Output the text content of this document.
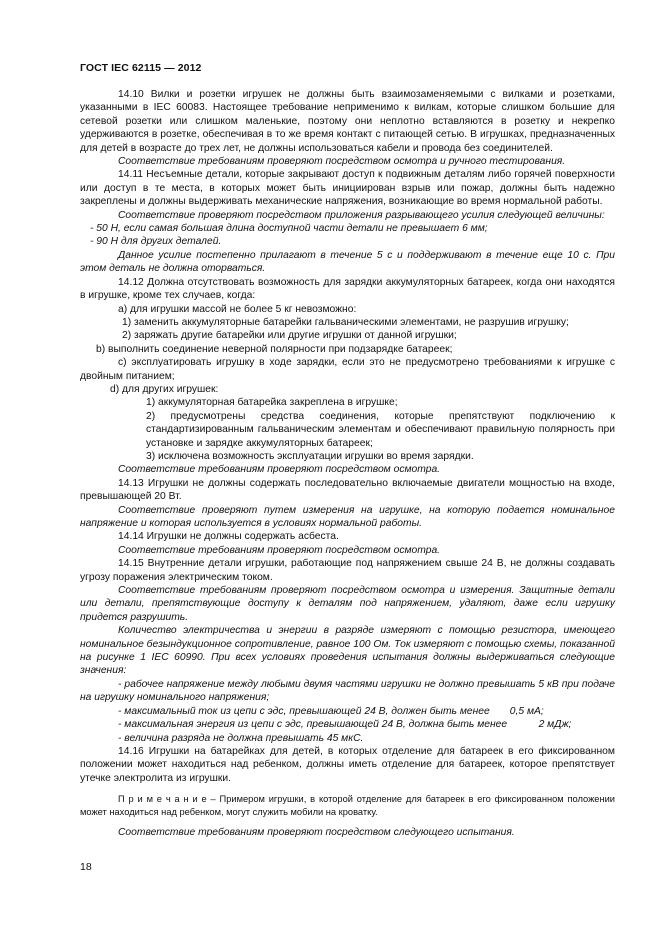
ГОСТ IEC 62115 — 2012

14.10 Вилки и розетки игрушек не должны быть взаимозаменяемыми с вилками и розетками, указанными в IEC 60083. Настоящее требование неприменимо к вилкам, которые слишком большие для сетевой розетки или слишком маленькие, поэтому они неплотно вставляются в розетку и некрепко удерживаются в розетке, обеспечивая в то же время контакт с питающей сетью. В игрушках, предназначенных для детей в возрасте до трех лет, не должны использоваться кабели и провода без соединителей.

Соответствие требованиям проверяют посредством осмотра и ручного тестирования.

14.11 Несъемные детали, которые закрывают доступ к подвижным деталям либо горячей поверхности или доступ в те места, в которых может быть инициирован взрыв или пожар, должны быть надежно закреплены и должны выдерживать механические напряжения, возникающие во время нормальной работы.

Соответствие проверяют посредством приложения разрывающего усилия следующей величины:

- 50 Н, если самая большая длина доступной части детали не превышает 6 мм;

- 90 Н для других деталей.

Данное усилие постепенно прилагают в течение 5 с и поддерживают в течение еще 10 с. При этом деталь не должна оторваться.

14.12 Должна отсутствовать возможность для зарядки аккумуляторных батареек, когда они находятся в игрушке, кроме тех случаев, когда:

a) для игрушки массой не более 5 кг невозможно:

1) заменить аккумуляторные батарейки гальваническими элементами, не разрушив игрушку;

2) заряжать другие батарейки или другие игрушки от данной игрушки;

b) выполнить соединение неверной полярности при подзарядке батареек;

c) эксплуатировать игрушку в ходе зарядки, если это не предусмотрено требованиями к игрушке с двойным питанием;

d) для других игрушек:

1) аккумуляторная батарейка закреплена в игрушке;

2) предусмотрены средства соединения, которые препятствуют подключению к стандартизированным гальваническим элементам и обеспечивают правильную полярность при установке и зарядке аккумуляторных батареек;

3) исключена возможность эксплуатации игрушки во время зарядки.

Соответствие требованиям проверяют посредством осмотра.

14.13 Игрушки не должны содержать последовательно включаемые двигатели мощностью на входе, превышающей 20 Вт.

Соответствие проверяют путем измерения на игрушке, на которую подается номинальное напряжение и которая используется в условиях нормальной работы.

14.14 Игрушки не должны содержать асбеста.

Соответствие требованиям проверяют посредством осмотра.

14.15 Внутренние детали игрушки, работающие под напряжением свыше 24 В, не должны создавать угрозу поражения электрическим током.

Соответствие требованиям проверяют посредством осмотра и измерения. Защитные детали или детали, препятствующие доступу к деталям под напряжением, удаляют, даже если игрушку придется разрушить.

Количество электричества и энергии в разряде измеряют с помощью резистора, имеющего номинальное безындукционное сопротивление, равное 100 Ом. Ток измеряют с помощью схемы, показанной на рисунке 1 IEC 60990. При всех условиях проведения испытания должны выдерживаться следующие значения:

- рабочее напряжение между любыми двумя частями игрушки не должно превышать 5 кВ при подаче на игрушку номинального напряжения;

- максимальный ток из цепи с эдс, превышающей 24 В, должен быть менее       0,5 мА;

- максимальная энергия из цепи с эдс, превышающей 24 В, должна быть менее           2 мДж;

- величина разряда не должна превышать 45 мкС.

14.16 Игрушки на батарейках для детей, в которых отделение для батареек в его фиксированном положении может находиться над ребенком, должны иметь отделение для батареек, которое препятствует утечке электролита из игрушки.

П р и м е ч а н и е – Примером игрушки, в которой отделение для батареек в его фиксированном положении может находиться над ребенком, могут служить мобили на кроватку.

Соответствие требованиям проверяют посредством следующего испытания.

18
